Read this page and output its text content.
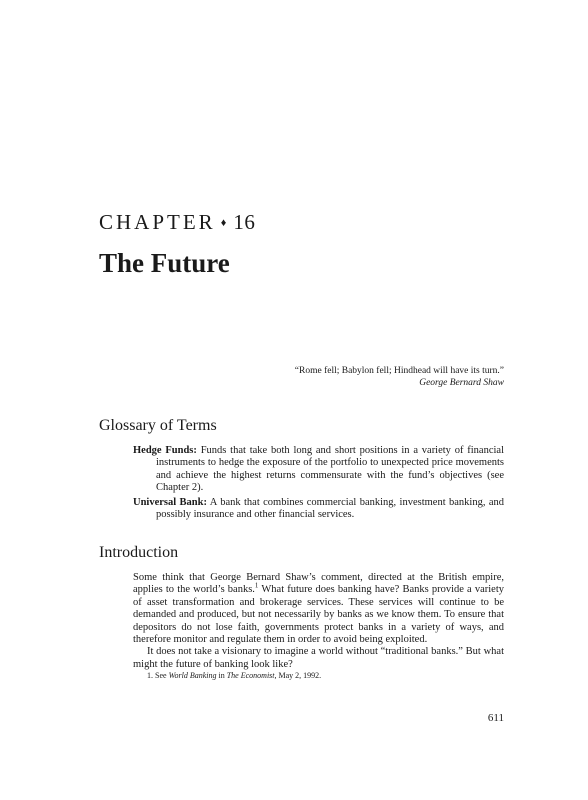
CHAPTER ♦ 16
The Future
“Rome fell; Babylon fell; Hindhead will have its turn.”
George Bernard Shaw
Glossary of Terms

Hedge Funds: Funds that take both long and short positions in a variety of financial instruments to hedge the exposure of the portfolio to unexpected price movements and achieve the highest returns commensurate with the fund’s objectives (see Chapter 2).

Universal Bank: A bank that combines commercial banking, investment banking, and possibly insurance and other financial services.

Introduction

Some think that George Bernard Shaw’s comment, directed at the British empire, applies to the world’s banks.$^1$ What future does banking have? Banks provide a variety of asset transformation and brokerage services. These services will continue to be demanded and produced, but not necessarily by banks as we know them. To ensure that depositors do not lose faith, governments protect banks in a variety of ways, and therefore monitor and regulate them in order to avoid being exploited.

It does not take a visionary to imagine a world without “traditional banks.” But what might the future of banking look like?

1. See World Banking in The Economist, May 2, 1992.
611
